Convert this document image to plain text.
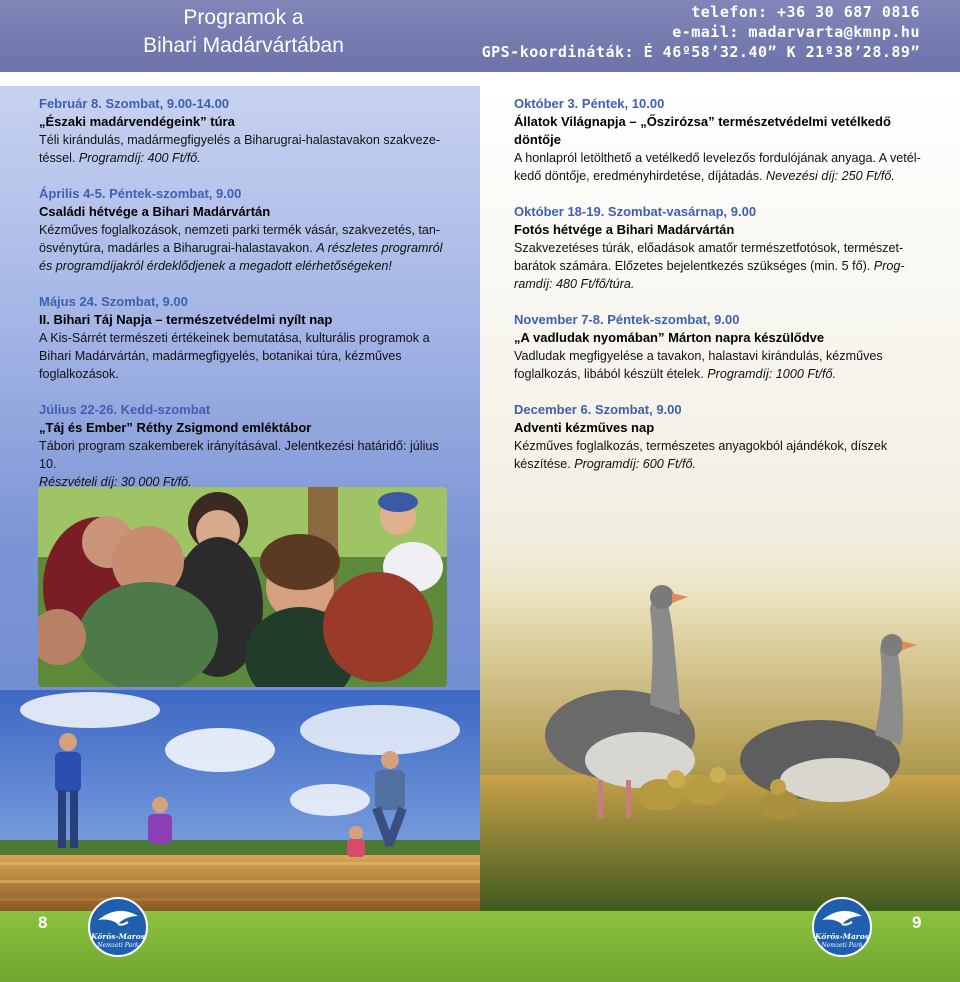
Programok a
Bihari Madárvártában
telefon: +36 30 687 0816
e-mail: madarvarta@kmnp.hu
GPS-koordináták: É 46º58’32.40” K 21º38’28.89”
Február 8. Szombat, 9.00-14.00
„Északi madárvendégeink” túra
Téli kirándulás, madármegfigyelés a Biharugrai-halastavakon szakvezetéssel. Programdíj: 400 Ft/fő.
Április 4-5. Péntek-szombat, 9.00
Családi hétvége a Bihari Madárvártán
Kézműves foglalkozások, nemzeti parki termék vásár, szakvezetés, tanösvénytúra, madárles a Biharugrai-halastavakon. A részletes programról és programdíjakról érdeklődjenek a megadott elérhetőségeken!
Május 24. Szombat, 9.00
II. Bihari Táj Napja – természetvédelmi nyílt nap
A Kis-Sárrét természeti értékeinek bemutatása, kulturális programok a Bihari Madárvártán, madármegfigyelés, botanikai túra, kézműves foglalkozások.
Július 22-26. Kedd-szombat
„Táj és Ember” Réthy Zsigmond emléktábor
Tábori program szakemberek irányításával. Jelentkezési határidő: július 10.
Részvételi díj: 30 000 Ft/fő.
Október 3. Péntek, 10.00
Állatok Világnapja – „Őszirózsa” természetvédelmi vetélkedő döntője
A honlapról letölthető a vetélkedő levelezős fordulójának anyaga. A vetélkedő döntője, eredményhirdetése, díjátadás. Nevezési díj: 250 Ft/fő.
Október 18-19. Szombat-vasárnap, 9.00
Fotós hétvége a Bihari Madárvártán
Szakvezetéses túrák, előadások amatőr természetfotósok, természetbarátok számára. Előzetes bejelentkezés szükséges (min. 5 fő). Programdíj: 480 Ft/fő/túra.
November 7-8. Péntek-szombat, 9.00
„A vadludak nyomában” Márton napra készülődve
Vadludak megfigyelése a tavakon, halastavi kirándulás, kézműves foglalkozás, libából készült ételek. Programdíj: 1000 Ft/fő.
December 6. Szombat, 9.00
Adventi kézműves nap
Kézműves foglalkozás, természetes anyagokból ajándékok, díszek készítése. Programdíj: 600 Ft/fő.
8	9
Körös-Maros
Nemzeti Park
Körös-Maros
Nemzeti Park
